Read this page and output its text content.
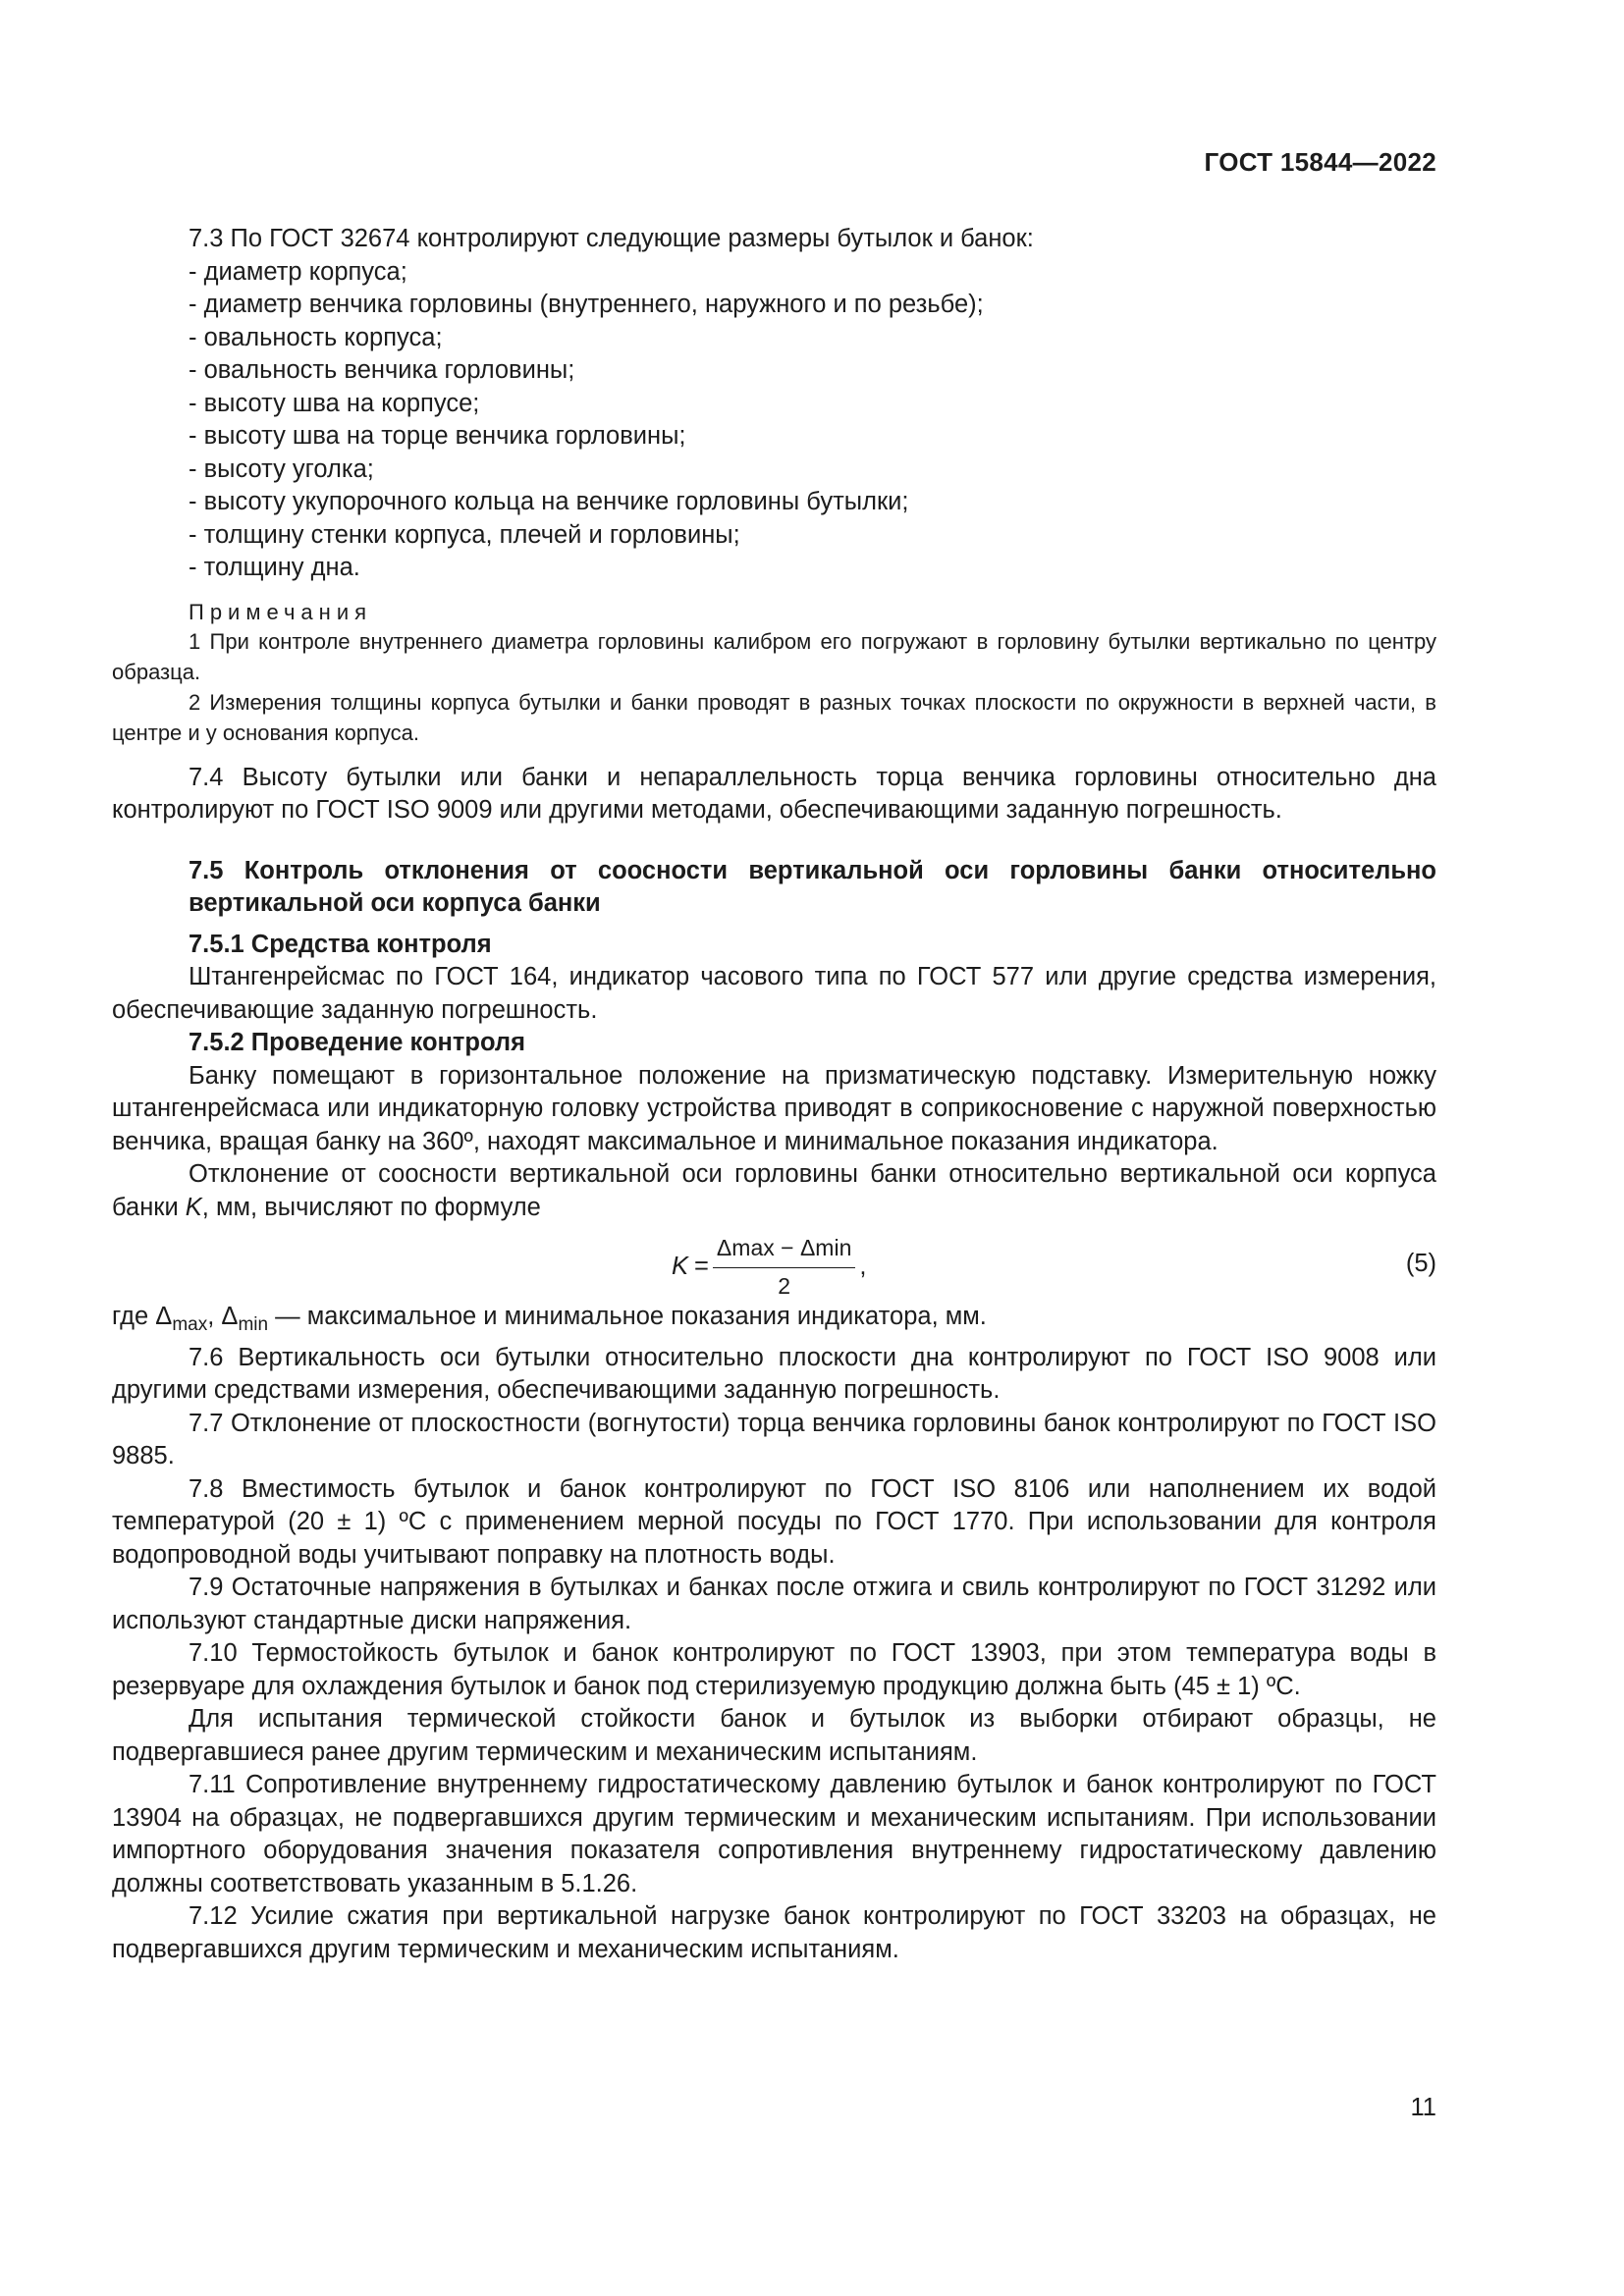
ГОСТ 15844—2022

7.3 По ГОСТ 32674 контролируют следующие размеры бутылок и банок:

- диаметр корпуса;
- диаметр венчика горловины (внутреннего, наружного и по резьбе);
- овальность корпуса;
- овальность венчика горловины;
- высоту шва на корпусе;
- высоту шва на торце венчика горловины;
- высоту уголка;
- высоту укупорочного кольца на венчике горловины бутылки;
- толщину стенки корпуса, плечей и горловины;
- толщину дна.

Примечания

1 При контроле внутреннего диаметра горловины калибром его погружают в горловину бутылки вертикально по центру образца.

2 Измерения толщины корпуса бутылки и банки проводят в разных точках плоскости по окружности в верхней части, в центре и у основания корпуса.

7.4 Высоту бутылки или банки и непараллельность торца венчика горловины относительно дна контролируют по ГОСТ ISO 9009 или другими методами, обеспечивающими заданную погрешность.

7.5 Контроль отклонения от соосности вертикальной оси горловины банки относительно вертикальной оси корпуса банки

7.5.1 Средства контроля

Штангенрейсмас по ГОСТ 164, индикатор часового типа по ГОСТ 577 или другие средства измерения, обеспечивающие заданную погрешность.

7.5.2 Проведение контроля

Банку помещают в горизонтальное положение на призматическую подставку. Измерительную ножку штангенрейсмаса или индикаторную головку устройства приводят в соприкосновение с наружной поверхностью венчика, вращая банку на 360º, находят максимальное и минимальное показания индикатора.

Отклонение от соосности вертикальной оси горловины банки относительно вертикальной оси корпуса банки K, мм, вычисляют по формуле

$K = \frac{\Delta\max - \Delta\min}{2}$ ,	(5)

где $\Delta_{max}$, $\Delta_{min}$ — максимальное и минимальное показания индикатора, мм.

7.6 Вертикальность оси бутылки относительно плоскости дна контролируют по ГОСТ ISO 9008 или другими средствами измерения, обеспечивающими заданную погрешность.

7.7 Отклонение от плоскостности (вогнутости) торца венчика горловины банок контролируют по ГОСТ ISO 9885.

7.8 Вместимость бутылок и банок контролируют по ГОСТ ISO 8106 или наполнением их водой температурой (20 ± 1) ºС с применением мерной посуды по ГОСТ 1770. При использовании для контроля водопроводной воды учитывают поправку на плотность воды.

7.9 Остаточные напряжения в бутылках и банках после отжига и свиль контролируют по ГОСТ 31292 или используют стандартные диски напряжения.

7.10 Термостойкость бутылок и банок контролируют по ГОСТ 13903, при этом температура воды в резервуаре для охлаждения бутылок и банок под стерилизуемую продукцию должна быть (45 ± 1) ºС.

Для испытания термической стойкости банок и бутылок из выборки отбирают образцы, не подвергавшиеся ранее другим термическим и механическим испытаниям.

7.11 Сопротивление внутреннему гидростатическому давлению бутылок и банок контролируют по ГОСТ 13904 на образцах, не подвергавшихся другим термическим и механическим испытаниям. При использовании импортного оборудования значения показателя сопротивления внутреннему гидростатическому давлению должны соответствовать указанным в 5.1.26.

7.12 Усилие сжатия при вертикальной нагрузке банок контролируют по ГОСТ 33203 на образцах, не подвергавшихся другим термическим и механическим испытаниям.

11
